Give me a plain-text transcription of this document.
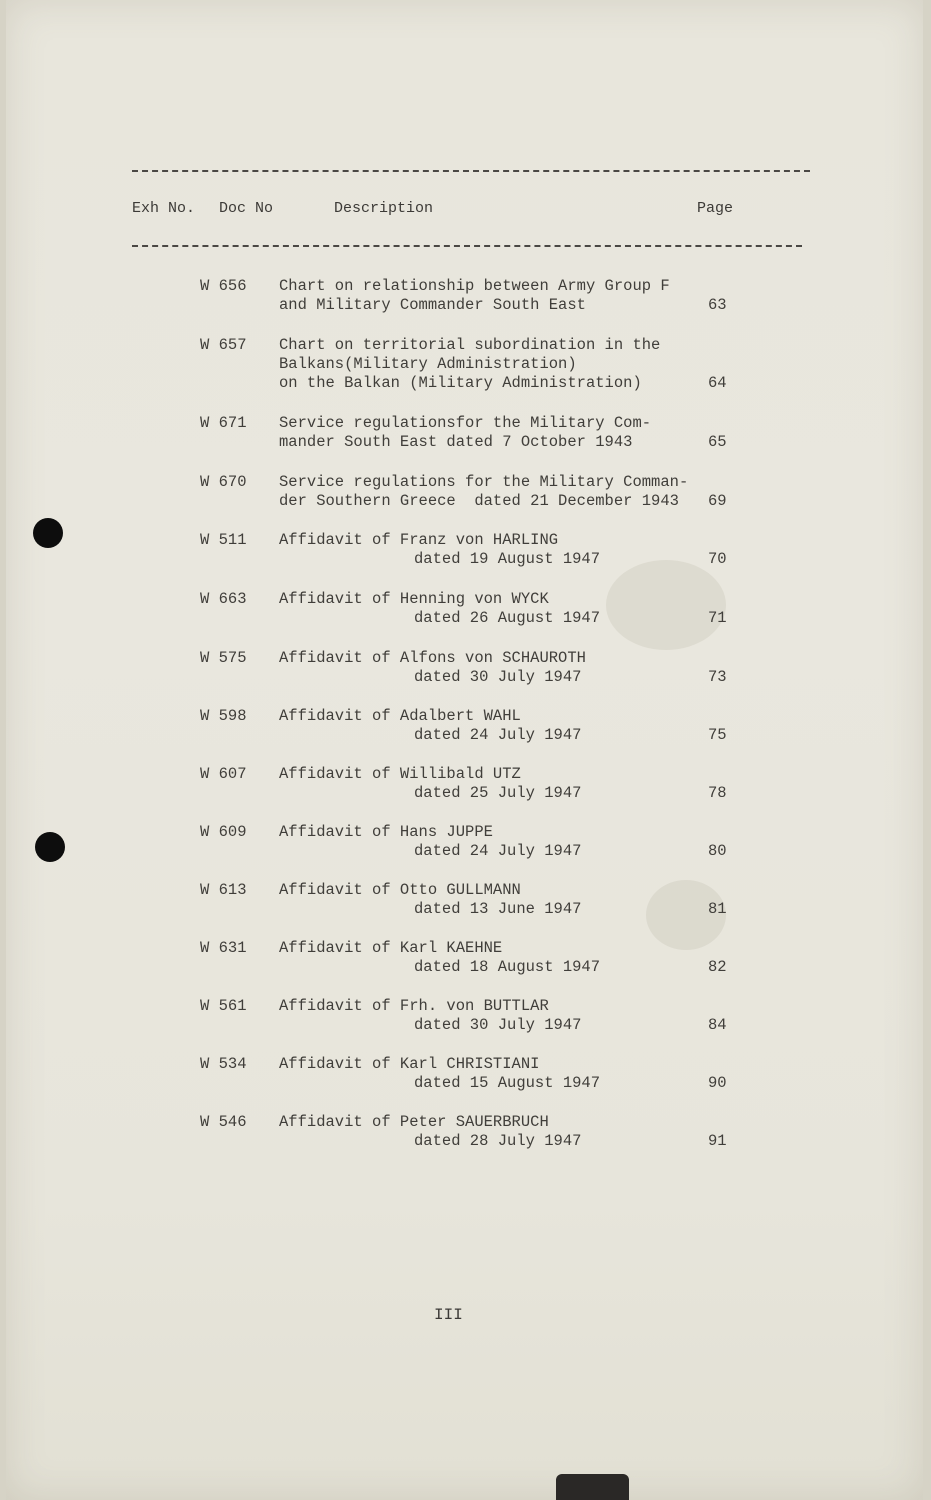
Exh No. Doc No	Description	Page
W 656 Chart on relationship between Army Group F
and Military Commander South East	63
W 657 Chart on territorial subordination in the
Balkans(Military Administration)
on the Balkan (Military Administration)	64
W 671 Service regulationsfor the Military Com-
mander South East dated 7 October 1943	65
W 670 Service regulations for the Military Comman-
der Southern Greece  dated 21 December 1943	69
W 511 Affidavit of Franz von HARLING
dated 19 August 1947	70
W 663 Affidavit of Henning von WYCK
dated 26 August 1947	71
W 575 Affidavit of Alfons von SCHAUROTH
dated 30 July 1947	73
W 598 Affidavit of Adalbert WAHL
dated 24 July 1947	75
W 607 Affidavit of Willibald UTZ
dated 25 July 1947	78
W 609 Affidavit of Hans JUPPE
dated 24 July 1947	80
W 613 Affidavit of Otto GULLMANN
dated 13 June 1947	81
W 631 Affidavit of Karl KAEHNE
dated 18 August 1947	82
W 561 Affidavit of Frh. von BUTTLAR
dated 30 July 1947	84
W 534 Affidavit of Karl CHRISTIANI
dated 15 August 1947	90
W 546 Affidavit of Peter SAUERBRUCH
dated 28 July 1947	91
III
